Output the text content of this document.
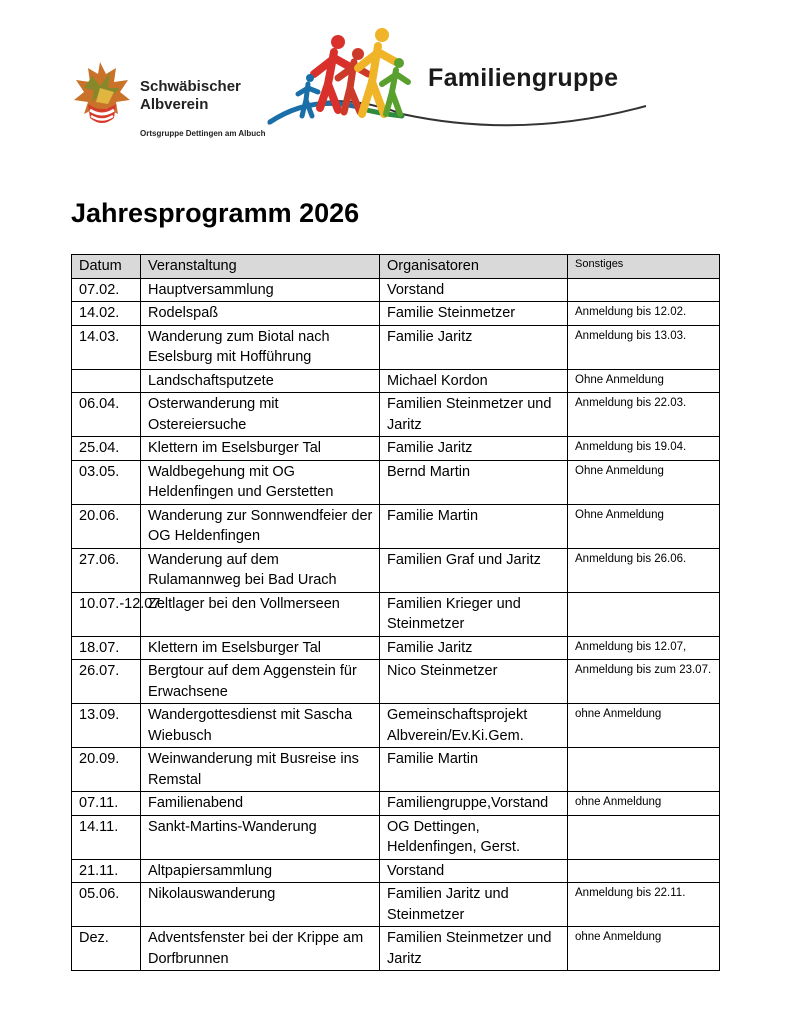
Schwäbischer
Albverein
Ortsgruppe Dettingen am Albuch
Familiengruppe
Jahresprogramm 2026
Datum	Veranstaltung	Organisatoren	Sonstiges
07.02.	Hauptversammlung	Vorstand	
14.02.	Rodelspaß	Familie Steinmetzer	Anmeldung bis 12.02.
14.03.	Wanderung zum Biotal nach Eselsburg mit Hofführung	Familie Jaritz	Anmeldung bis 13.03.
	Landschaftsputzete	Michael Kordon	Ohne Anmeldung
06.04.	Osterwanderung mit Ostereiersuche	Familien Steinmetzer und Jaritz	Anmeldung bis 22.03.
25.04.	Klettern im Eselsburger Tal	Familie Jaritz	Anmeldung bis 19.04.
03.05.	Waldbegehung mit OG Heldenfingen und Gerstetten	Bernd Martin	Ohne Anmeldung
20.06.	Wanderung zur Sonnwendfeier der OG Heldenfingen	Familie Martin	Ohne Anmeldung
27.06.	Wanderung auf dem Rulamannweg bei Bad Urach	Familien Graf und Jaritz	Anmeldung bis 26.06.
10.07.-12.07.	Zeltlager bei den Vollmerseen	Familien Krieger und Steinmetzer	
18.07.	Klettern im Eselsburger Tal	Familie Jaritz	Anmeldung bis 12.07,
26.07.	Bergtour auf dem Aggenstein für Erwachsene	Nico Steinmetzer	Anmeldung bis zum 23.07.
13.09.	Wandergottesdienst mit Sascha Wiebusch	Gemeinschaftsprojekt Albverein/Ev.Ki.Gem.	ohne Anmeldung
20.09.	Weinwanderung mit Busreise ins Remstal	Familie Martin	
07.11.	Familienabend	Familiengruppe,Vorstand	ohne Anmeldung
14.11.	Sankt-Martins-Wanderung	OG Dettingen, Heldenfingen, Gerst.	
21.11.	Altpapiersammlung	Vorstand	
05.06.	Nikolauswanderung	Familien Jaritz und Steinmetzer	Anmeldung bis 22.11.
Dez.	Adventsfenster bei der Krippe am Dorfbrunnen	Familien Steinmetzer und Jaritz	ohne Anmeldung
